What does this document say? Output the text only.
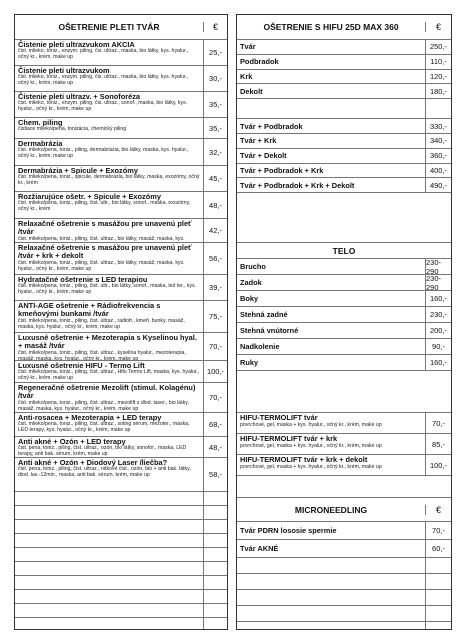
OŠETRENIE PLETI TVÁR	€
Čistenie pleti ultrazvukom AKCIA
čist. mlieko, toniz., enzym. piling, čis. ultraz., maska, bio látky, kys. hyalur., očný kr., krém, make up
25,-
Čistenie pleti ultrazvukom
čist. mlieko, toniz., enzym. piling, čis. ultraz., maska, bio látky, kys. hyalur., očný kr., krém, make up
30,-
Čistenie pleti ultrazv. + Sonoforéza
čist. mlieko, toniz., enzym. piling, čis. ultraz., sonof., maska, bio látky, kys. hyalur., očný kr., krém, make up
35,-
Chem. piling
čistiace mlieko/pena, tonizácia, chemický piling	35,-
Dermabrázia
čist. mlieko/pena, toniz., piling, dermabrázia, bio látky, maska, kys. hyalur., očný kr., krém, make up	32,-
Dermabrázia + Spicule + Exozómy
čist. mlieko/pena, toniz., spicule, dermabrázia, bio látky, maska, exozómy, očný kr., krém
45,-
Rozžiarujúce ošetr. + Spicule + Exozómy
čist. mlieko/pena, toniz., piling, čist. ultr., bio látky, sonof., maska, exozómy, očný kr., krém	48,-
Relaxačné ošetrenie s masážou pre unavenú pleť /tvár
čist. mlieko/pena, toniz., piling, čist. ultraz., bio látky, masáž, maska, kys.
42,-
Relaxačné ošetrenie s masážou pre unavenú pleť /tvár + krk + dekolt
čist. mlieko/pena, toniz., piling, čist. ultraz., bio látky, masáž, maska, kys. hyalur., očný kr., krém, make up
56,-
Hydratačné ošetrenie s LED terapiou
čist. mlieko/pena, toniz., piling, čist. ultr., bio látky, sonof., maska, led ter., kys. hyalur., očný kr., krém, make up
39,-
ANTI-AGE ošetrenie + Rádiofrekvencia s kmeňovými bunkami /tvár
čist. mlieko/pena, toniz., piling, čist. ultraz., radiofr., kmeň. bunky, masáž, maska, kys. hyalur., očný kr., krém, make up
75,-
Luxusné ošetrenie + Mezoterapia s Kyselinou hyal. + masáž /tvár
čist. mlieko/pena, toniz., piling, čist. ultraz., kyselina hyalur., mezoterapia, masáž, maska, kys. hyalur., očný kr., krém, make up
70,-
Luxusné ošetrenie HIFU - Termo Lift
čist. mlieko/pena, toniz., piling, čist. ultraz., Hifu Termo Lift, maska, kys. hyalur., očný kr., krém, make up
100,-
Regeneračné ošetrenie Mezolift (stimul. Kolagénu) /tvár
čist. mlieko/pena, toniz., piling, čist. ultraz., mezolift s dlod. laser., bio látky, masáž, maska, kys. hyalur., očný kr., krém, make up
70,-
Anti-rosacea + Mezoterapia + LED terapy
čist. mlieko/pena, toniz., piling, čist. ultraz., soting sérum, mezoter., maska, LED terapy, kys. hyalur., očný kr., krém, make up
68,-
Anti akné + Ozón + LED terapy
čist. pena, toniz., piling, čist. ultraz., ozón, bio látky, sonofor., maska, LED terapy, anti bak. sérum, krém, make up
48,-
Anti akné + Ozón + Diodový Laser /liečba?
čist. pena, toniz., piling, čist. ultraz., nitkové čist., ozón, bio + anti bak. látky, diod. las.-12min., maska, anti bak. sérum, krém, make up	58,-
OŠETRENIE S HIFU 25D MAX 360	€
Tvár	250,-
Podbradok	110,-
Krk	120,-
Dekolt	180,-
Tvár + Podbradok	330,-
Tvár + Krk	340,-
Tvár + Dekolt	360,-
Tvár + Podbradok + Krk	400,-
Tvár + Podbradok + Krk + Dekolt	490,-
TELO
Brucho	230-290
Zadok	230-290
Boky	160,-
Stehná zadné	230,-
Stehná vnútorné	200,-
Nadkolenie	90,-
Ruky	160,-
HIFU-TERMOLIFT tvár
povrchové, gel, maska + kys. hyalur., očný kr., krém, make up	70,-
HIFU-TERMOLIFT tvár + krk
povrchové, gel, maska + kys. hyalur., očný kr., krém, make up	85,-
HIFU-TERMOLIFT tvár + krk + dekolt
povrchové, gel, maska + kys. hyalur., očný kr., krém, make up	100,-
MICRONEEDLING	€
Tvár PDRN lososie spermie	70,-
Tvár AKNÉ	60,-
